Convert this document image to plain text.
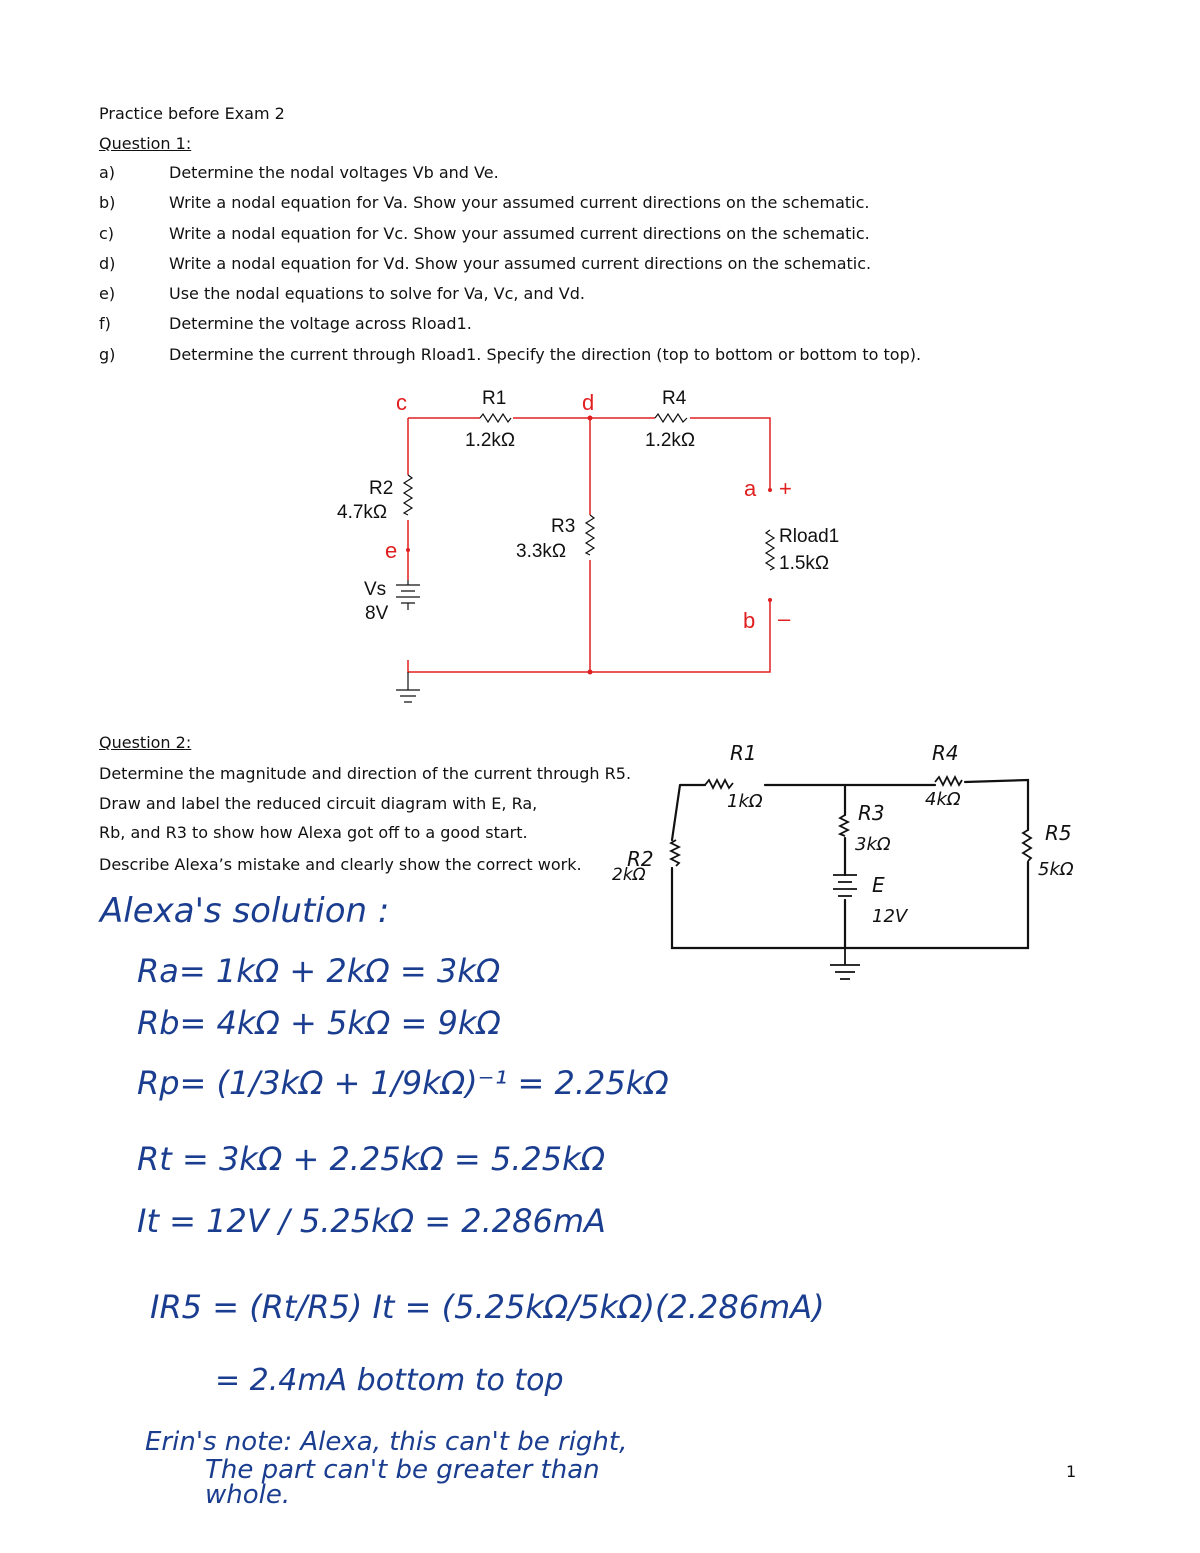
Practice before Exam 2
Question 1:
a)	Determine the nodal voltages Vb and Ve.
b)	Write a nodal equation for Va. Show your assumed current directions on the schematic.
c)	Write a nodal equation for Vc. Show your assumed current directions on the schematic.
d)	Write a nodal equation for Vd. Show your assumed current directions on the schematic.
e)	Use the nodal equations to solve for Va, Vc, and Vd.
f)	Determine the voltage across Rload1.
g)	Determine the current through Rload1. Specify the direction (top to bottom or bottom to top).
c	d
a +
b –
e
R1
1.2kΩ
R4
1.2kΩ
R2
4.7kΩ
R3
3.3kΩ
Rload1
1.5kΩ
Vs
8V
Question 2:
Determine the magnitude and direction of the current through R5.
Draw and label the reduced circuit diagram with E, Ra,
Rb, and R3 to show how Alexa got off to a good start.
Describe Alexa’s mistake and clearly show the correct work.
R1
1kΩ
R4
4kΩ
R2
2kΩ
R3
3kΩ	R5
5kΩ
E
12V
Alexa's solution :
Ra= 1kΩ + 2kΩ = 3kΩ
Rb= 4kΩ + 5kΩ = 9kΩ
Rp= (1/3kΩ + 1/9kΩ)⁻¹ = 2.25kΩ
Rt = 3kΩ + 2.25kΩ = 5.25kΩ
It = 12V / 5.25kΩ = 2.286mA
IR5 = (Rt/R5) It = (5.25kΩ/5kΩ)(2.286mA)
= 2.4mA bottom to top
Erin's note: Alexa, this can't be right,
The part can't be greater than
whole.
1
